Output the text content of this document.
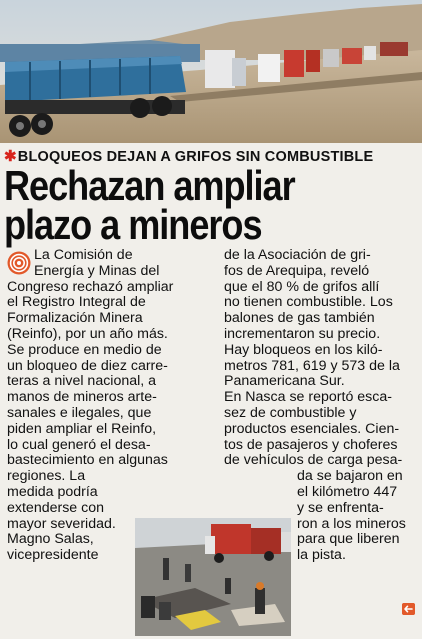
✱BLOQUEOS DEJAN A GRIFOS SIN COMBUSTIBLE
Rechazan ampliar
plazo a mineros
La Comisión de
Energía y Minas del
Congreso rechazó ampliar
el Registro Integral de
Formalización Minera
(Reinfo), por un año más.
Se produce en medio de
un bloqueo de diez carre-
teras a nivel nacional, a
manos de mineros arte-
sanales e ilegales, que
piden ampliar el Reinfo,
lo cual generó el desa-
bastecimiento en algunas
regiones. La
medida podría
extenderse con
mayor severidad.
Magno Salas,
vicepresidente
de la Asociación de gri-
fos de Arequipa, reveló
que el 80 % de grifos allí
no tienen combustible. Los
balones de gas también
incrementaron su precio.
Hay bloqueos en los kiló-
metros 781, 619 y 573 de la
Panamericana Sur.
En Nasca se reportó esca-
sez de combustible y
productos esenciales. Cien-
tos de pasajeros y choferes
de vehículos de carga pesa-
da se bajaron en
el kilómetro 447
y se enfrenta-
ron a los mineros
para que liberen
la pista.
